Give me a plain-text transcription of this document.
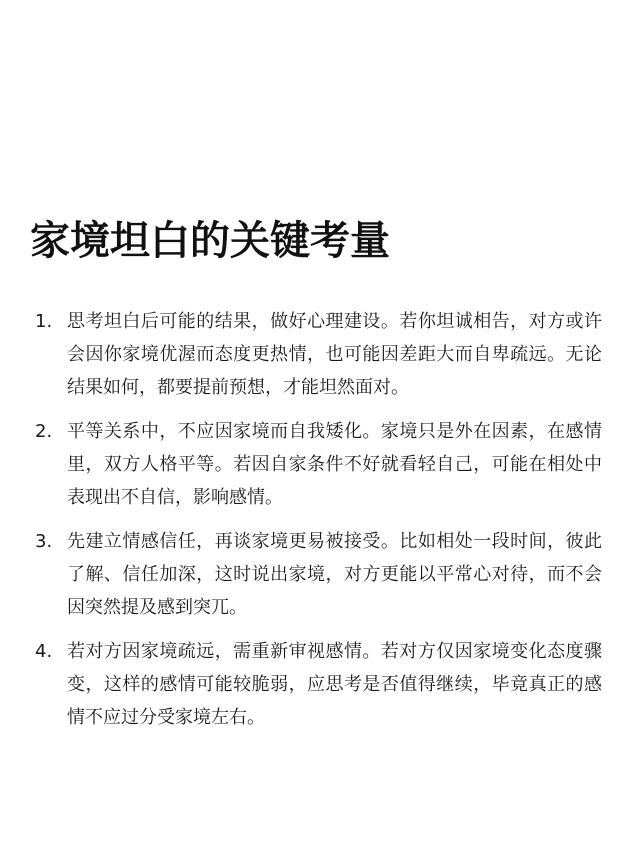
家境坦白的关键考量
1. 思考坦白后可能的结果，做好心理建设。若你坦诚相告，对方或许会因你家境优渥而态度更热情，也可能因差距大而自卑疏远。无论结果如何，都要提前预想，才能坦然面对。
2. 平等关系中，不应因家境而自我矮化。家境只是外在因素，在感情里，双方人格平等。若因自家条件不好就看轻自己，可能在相处中表现出不自信，影响感情。
3. 先建立情感信任，再谈家境更易被接受。比如相处一段时间，彼此了解、信任加深，这时说出家境，对方更能以平常心对待，而不会因突然提及感到突兀。
4. 若对方因家境疏远，需重新审视感情。若对方仅因家境变化态度骤变，这样的感情可能较脆弱，应思考是否值得继续，毕竟真正的感情不应过分受家境左右。
